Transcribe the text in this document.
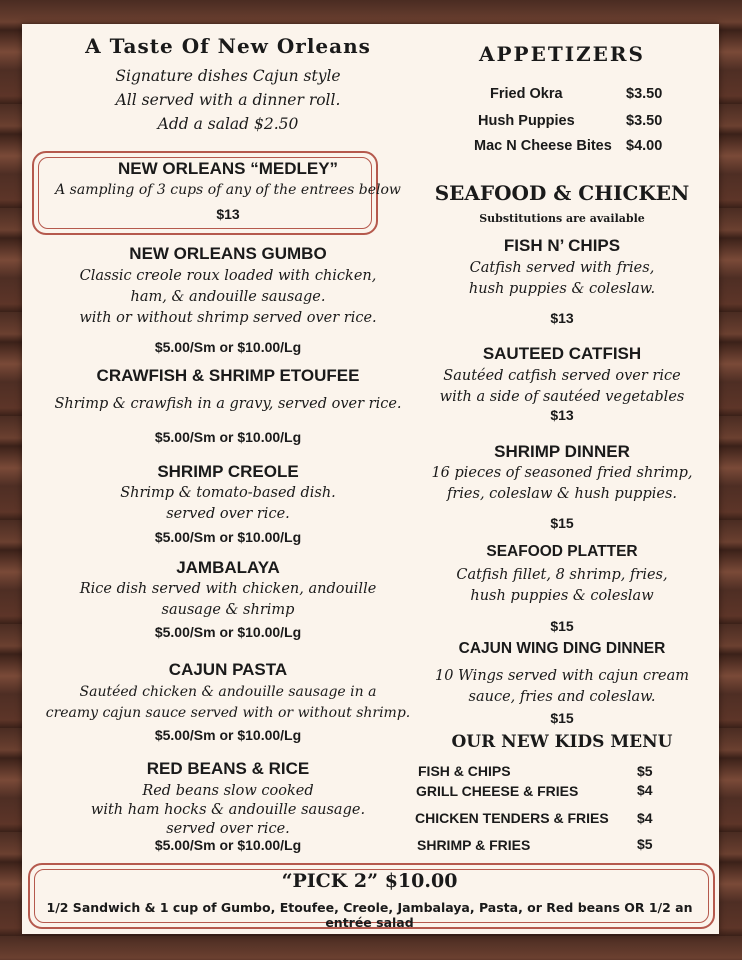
A Taste Of New Orleans
Signature dishes Cajun style
All served with a dinner roll.
Add a salad $2.50
NEW ORLEANS “MEDLEY”
A sampling of 3 cups of any of the entrees below
$13
NEW ORLEANS GUMBO
Classic creole roux loaded with chicken,
ham, & andouille sausage.
with or without shrimp served over rice.
$5.00/Sm or $10.00/Lg
CRAWFISH & SHRIMP ETOUFEE
Shrimp & crawfish in a gravy, served over rice.
$5.00/Sm or $10.00/Lg
SHRIMP CREOLE
Shrimp & tomato-based dish.
served over rice.
$5.00/Sm or $10.00/Lg
JAMBALAYA
Rice dish served with chicken, andouille
sausage & shrimp
$5.00/Sm or $10.00/Lg
CAJUN PASTA
Sautéed chicken & andouille sausage in a
creamy cajun sauce served with or without shrimp.
$5.00/Sm or $10.00/Lg
RED BEANS & RICE
Red beans slow cooked
with ham hocks & andouille sausage.
served over rice.
$5.00/Sm or $10.00/Lg
APPETIZERS
Fried Okra	$3.50
Hush Puppies	$3.50
Mac N Cheese Bites $4.00
SEAFOOD & CHICKEN
Substitutions are available
FISH N’ CHIPS
Catfish served with fries,
hush puppies & coleslaw.
$13
SAUTEED CATFISH
Sautéed catfish served over rice
with a side of sautéed vegetables
$13
SHRIMP DINNER
16 pieces of seasoned fried shrimp,
fries, coleslaw & hush puppies.
$15
SEAFOOD PLATTER
Catfish fillet, 8 shrimp, fries,
hush puppies & coleslaw
$15
CAJUN WING DING DINNER
10 Wings served with cajun cream
sauce, fries and coleslaw.
$15
OUR NEW KIDS MENU
FISH & CHIPS	$5
GRILL CHEESE & FRIES	$4
CHICKEN TENDERS & FRIES $4
SHRIMP & FRIES	$5
“PICK 2” $10.00
1/2 Sandwich & 1 cup of Gumbo, Etoufee, Creole, Jambalaya, Pasta, or Red beans OR 1/2 an entrée salad
